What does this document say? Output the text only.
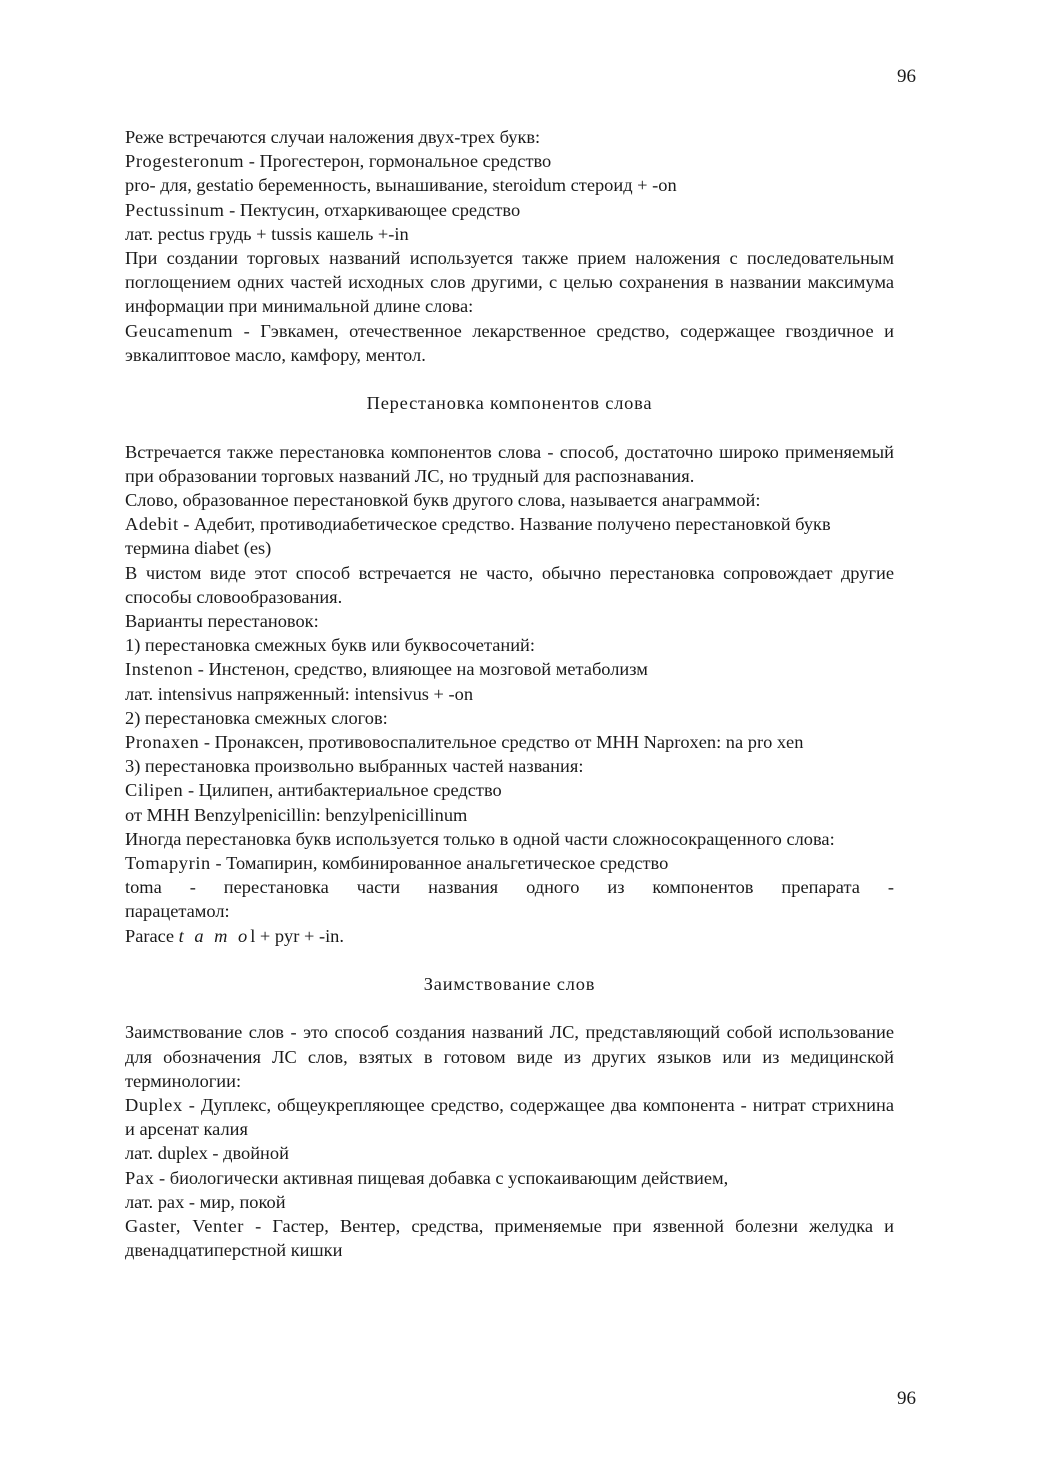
96

Реже встречаются случаи наложения двух-трех букв:

Progesteronum - Прогестерон, гормональное средство

pro- для, gestatio беременность, вынашивание, steroidum стероид + -on

Pectussinum - Пектусин, отхаркивающее средство

лат. pectus грудь + tussis кашель +-in

При создании торговых названий используется также прием наложения с последовательным поглощением одних частей исходных слов другими, с целью сохранения в названии максимума информации при минимальной длине слова:

Geucamenum - Гэвкамен, отечественное лекарственное средство, содержащее гвоздичное и эвкалиптовое масло, камфору, ментол.

Перестановка компонентов слова

Встречается также перестановка компонентов слова - способ, достаточно широко применяемый при образовании торговых названий ЛС, но трудный для распознавания.

Слово, образованное перестановкой букв другого слова, называется анаграммой:

Adebit - Адебит, противодиабетическое средство. Название получено перестановкой букв термина diabet (es)

В чистом виде этот способ встречается не часто, обычно перестановка сопровождает другие способы словообразования.

Варианты перестановок:

1) перестановка смежных букв или буквосочетаний:

Instenon - Инстенон, средство, влияющее на мозговой метаболизм

лат. intensivus напряженный: intensivus + -on

2) перестановка смежных слогов:

Pronaxen - Пронаксен, противовоспалительное средство от МНН Naproxen: na pro xen

3) перестановка произвольно выбранных частей названия:

Cilipen - Цилипен, антибактериальное средство

от МНН Benzylpenicillin: benzylpenicillinum

Иногда перестановка букв используется только в одной части сложносокращенного слова:

Tomapyrin - Томапирин, комбинированное анальгетическое средство

toma - перестановка части названия одного из компонентов препарата -

парацетамол:

Paracе t a m ol + pyr + -in.

Заимствование слов

Заимствование слов - это способ создания названий ЛС, представляющий собой использование для обозначения ЛС слов, взятых в готовом виде из других языков или из медицинской терминологии:

Duplex - Дуплекс, общеукрепляющее средство, содержащее два компонента - нитрат стрихнина и арсенат калия

лат. duplex - двойной

Pax - биологически активная пищевая добавка с успокаивающим действием,

лат. pax - мир, покой

Gaster, Venter - Гастер, Вентер, средства, применяемые при язвенной болезни желудка и двенадцатиперстной кишки

96
